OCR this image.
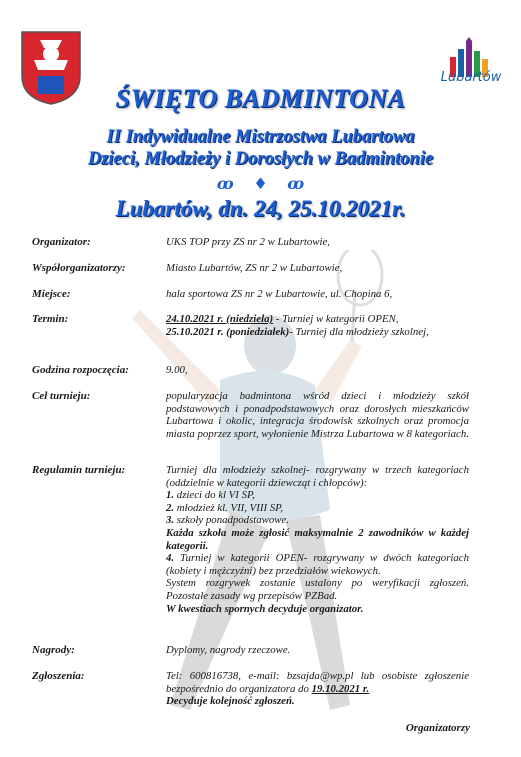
Lubartów
ŚWIĘTO BADMINTONA
II Indywidualne Mistrzostwa Lubartowa
Dzieci, Młodzieży i Dorosłych w Badmintonie
ꝏ ♦ ꝏ
Lubartów, dn. 24, 25.10.2021r.
Organizator:	UKS TOP przy ZS nr 2 w Lubartowie,
Współorganizatorzy:	Miasto Lubartów, ZS nr 2 w Lubartowie,
Miejsce:	hala sportowa ZS nr 2 w Lubartowie, ul. Chopina 6,
Termin:	24.10.2021 r. (niedziela) - Turniej w kategorii OPEN,
25.10.2021 r. (poniedziałek)- Turniej dla młodzieży szkolnej,
Godzina rozpoczęcia:	9.00,
Cel turnieju:	popularyzacja badmintona wśród dzieci i młodzieży szkół podstawowych i ponadpodstawowych oraz dorosłych mieszkańców Lubartowa i okolic, integracja środowisk szkolnych oraz promocja miasta poprzez sport, wyłonienie Mistrza Lubartowa w 8 kategoriach.
Regulamin turnieju:	Turniej dla młodzieży szkolnej- rozgrywany w trzech kategoriach (oddzielnie w kategorii dziewcząt i chłopców):
1. dzieci do kl VI SP,
2. młodzież kl. VII, VIII SP,
3. szkoły ponadpodstawowe.
Każda szkoła może zgłosić maksymalnie 2 zawodników w każdej kategorii.
4. Turniej w kategorii OPEN- rozgrywany w dwóch kategoriach (kobiety i mężczyźni) bez przedziałów wiekowych.
System rozgrywek zostanie ustalony po weryfikacji zgłoszeń. Pozostałe zasady wg przepisów PZBad.
W kwestiach spornych decyduje organizator.
Nagrody:	Dyplomy, nagrody rzeczowe.
Zgłoszenia:	Tel: 600816738, e-mail: bzsajda@wp.pl lub osobiste zgłoszenie bezpośrednio do organizatora do 19.10.2021 r.
Decyduje kolejność zgłoszeń.
Organizatorzy
